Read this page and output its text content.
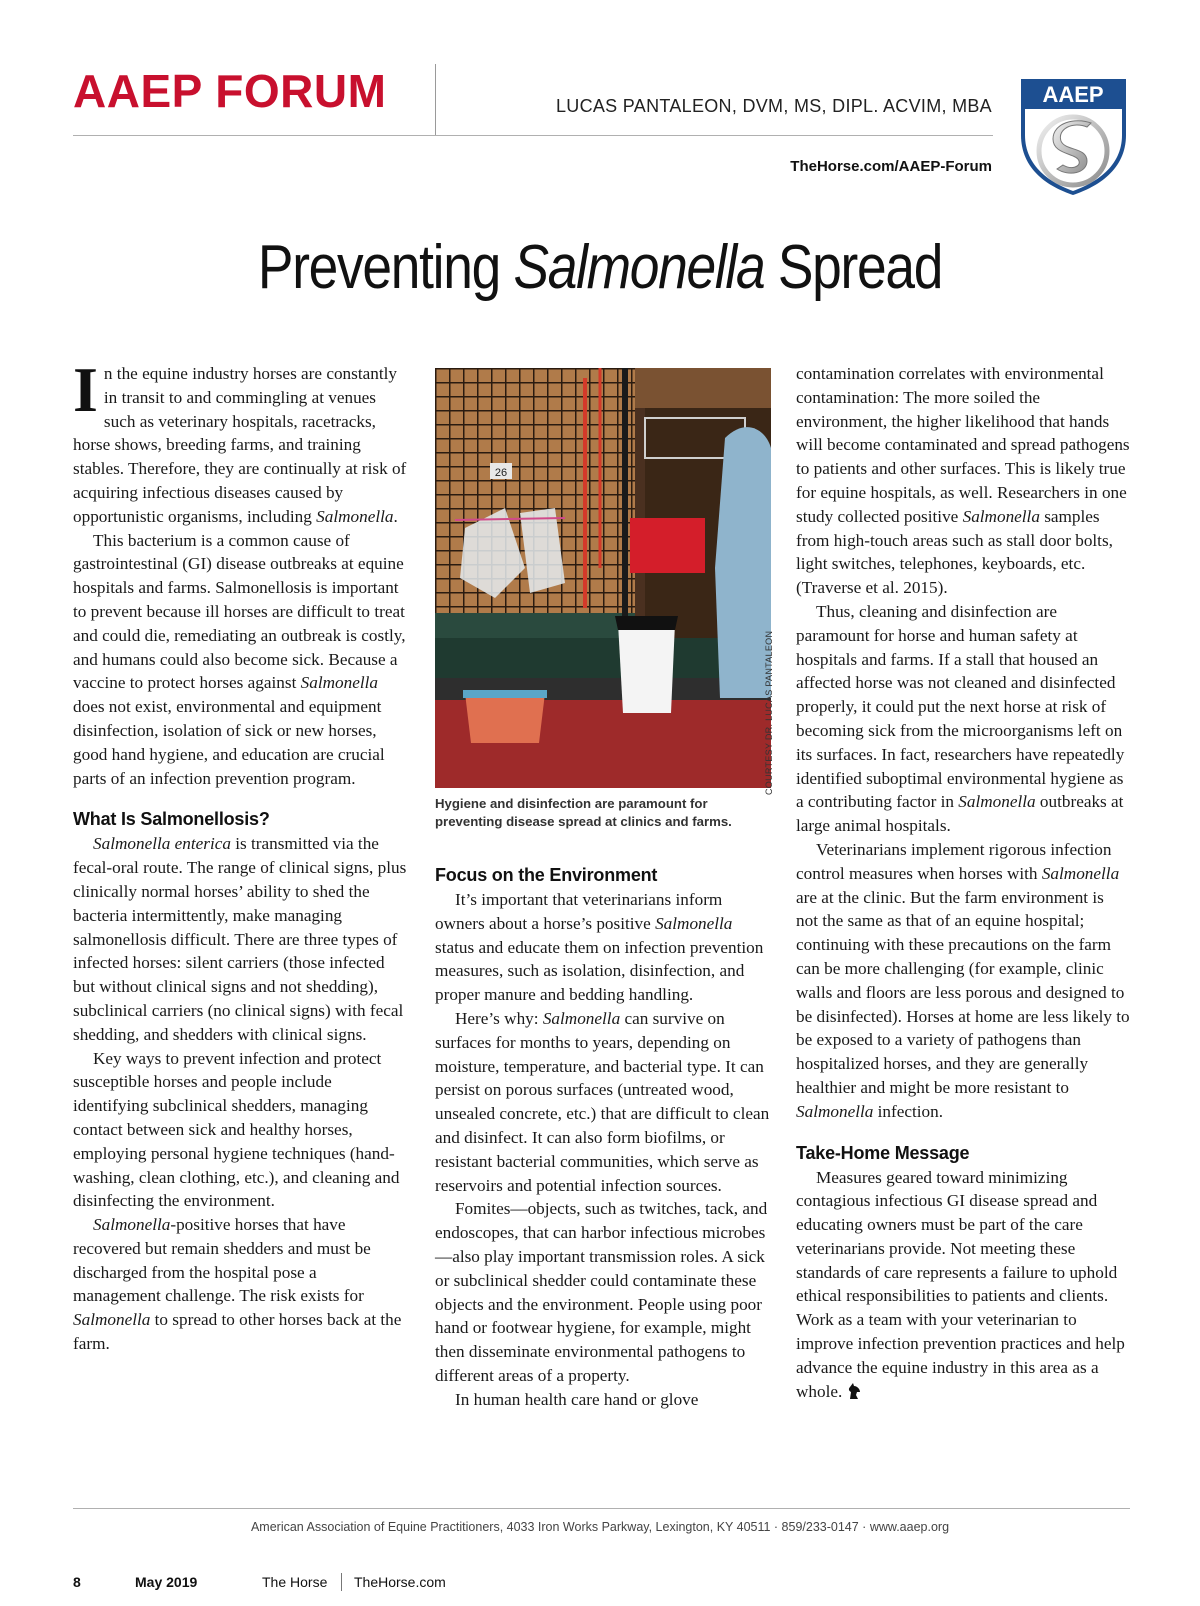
AAEP FORUM	LUCAS PANTALEON, DVM, MS, DIPL. ACVIM, MBA
TheHorse.com/AAEP-Forum
AAEP
Preventing Salmonella Spread

In the equine industry horses are constantly in transit to and commingling at venues such as veterinary hospitals, racetracks, horse shows, breeding farms, and training stables. Therefore, they are continually at risk of acquiring infectious diseases caused by opportunistic organisms, including Salmonella.

This bacterium is a common cause of gastrointestinal (GI) disease outbreaks at equine hospitals and farms. Salmonellosis is important to prevent because ill horses are difficult to treat and could die, remediating an outbreak is costly, and humans could also become sick. Because a vaccine to protect horses against Salmonella does not exist, environmental and equipment disinfection, isolation of sick or new horses, good hand hygiene, and education are crucial parts of an infection prevention program.

What Is Salmonellosis?

Salmonella enterica is transmitted via the fecal-oral route. The range of clinical signs, plus clinically normal horses’ ability to shed the bacteria intermittently, make managing salmonellosis difficult. There are three types of infected horses: silent carriers (those infected but without clinical signs and not shedding), subclinical carriers (no clinical signs) with fecal shedding, and shedders with clinical signs.

Key ways to prevent infection and protect susceptible horses and people include identifying subclinical shedders, managing contact between sick and healthy horses, employing personal hygiene techniques (hand-washing, clean clothing, etc.), and cleaning and disinfecting the environment.

Salmonella-positive horses that have recovered but remain shedders and must be discharged from the hospital pose a management challenge. The risk exists for Salmonella to spread to other horses back at the farm.

26
COURTESY DR. LUCAS PANTALEON
Hygiene and disinfection are paramount for preventing disease spread at clinics and farms.
Focus on the Environment

It’s important that veterinarians inform owners about a horse’s positive Salmonella status and educate them on infection prevention measures, such as isolation, disinfection, and proper manure and bedding handling.

Here’s why: Salmonella can survive on surfaces for months to years, depending on moisture, temperature, and bacterial type. It can persist on porous surfaces (untreated wood, unsealed concrete, etc.) that are difficult to clean and disinfect. It can also form biofilms, or resistant bacterial communities, which serve as reservoirs and potential infection sources.

Fomites—objects, such as twitches, tack, and endoscopes, that can harbor infectious microbes—also play important transmission roles. A sick or subclinical shedder could contaminate these objects and the environment. People using poor hand or footwear hygiene, for example, might then disseminate environmental pathogens to different areas of a property.

In human health care hand or glove

contamination correlates with environmental contamination: The more soiled the environment, the higher likelihood that hands will become contaminated and spread pathogens to patients and other surfaces. This is likely true for equine hospitals, as well. Researchers in one study collected positive Salmonella samples from high-touch areas such as stall door bolts, light switches, telephones, keyboards, etc. (Traverse et al. 2015).

Thus, cleaning and disinfection are paramount for horse and human safety at hospitals and farms. If a stall that housed an affected horse was not cleaned and disinfected properly, it could put the next horse at risk of becoming sick from the microorganisms left on its surfaces. In fact, researchers have repeatedly identified suboptimal environmental hygiene as a contributing factor in Salmonella outbreaks at large animal hospitals.

Veterinarians implement rigorous infection control measures when horses with Salmonella are at the clinic. But the farm environment is not the same as that of an equine hospital; continuing with these precautions on the farm can be more challenging (for example, clinic walls and floors are less porous and designed to be disinfected). Horses at home are less likely to be exposed to a variety of pathogens than hospitalized horses, and they are generally healthier and might be more resistant to Salmonella infection.

Take-Home Message

Measures geared toward minimizing contagious infectious GI disease spread and educating owners must be part of the care veterinarians provide. Not meeting these standards of care represents a failure to uphold ethical responsibilities to patients and clients. Work as a team with your veterinarian to improve infection prevention practices and help advance the equine industry in this area as a whole.

American Association of Equine Practitioners, 4033 Iron Works Parkway, Lexington, KY 40511 · 859/233-0147 · www.aaep.org
8	May 2019	The Horse TheHorse.com
